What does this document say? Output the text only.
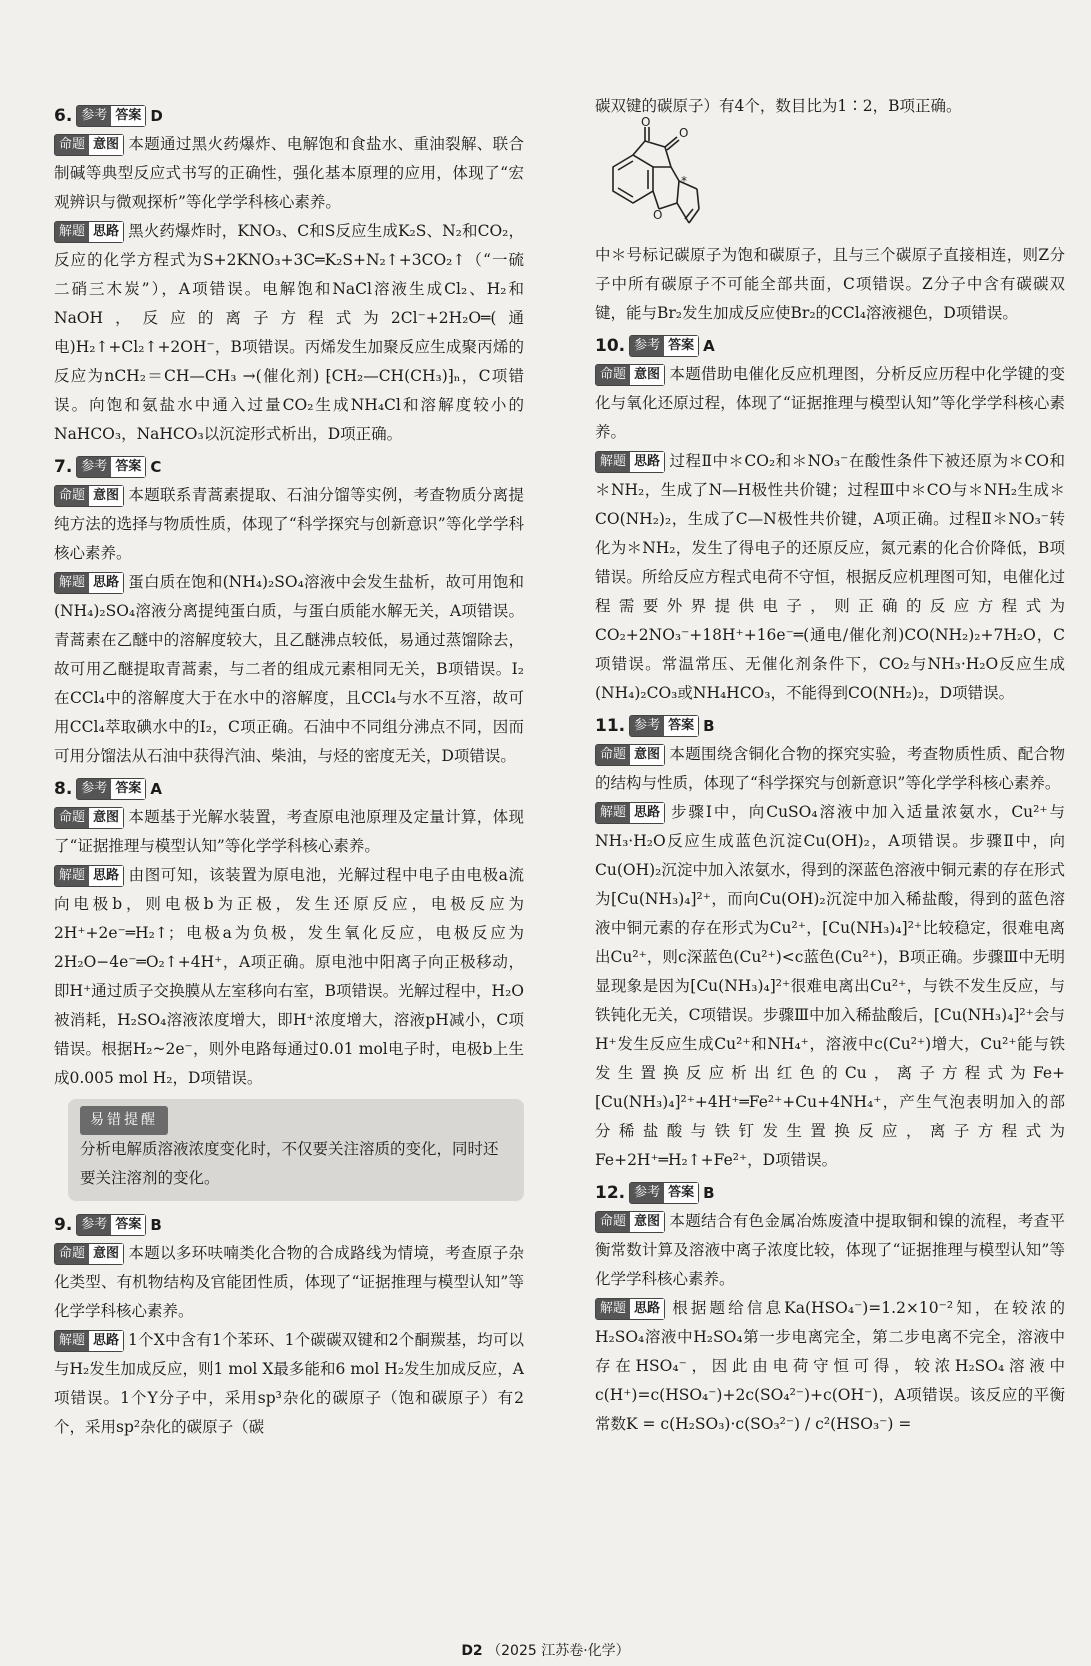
6. 参考 答案 D

命题 意图 本题通过黑火药爆炸、电解饱和食盐水、重油裂解、联合制碱等典型反应式书写的正确性，强化基本原理的应用，体现了“宏观辨识与微观探析”等化学学科核心素养。

解题 思路 黑火药爆炸时，KNO₃、C和S反应生成K₂S、N₂和CO₂，反应的化学方程式为S+2KNO₃+3C═K₂S+N₂↑+3CO₂↑（“一硫二硝三木炭”），A项错误。电解饱和NaCl溶液生成Cl₂、H₂和NaOH，反应的离子方程式为2Cl⁻+2H₂O═(通电)H₂↑+Cl₂↑+2OH⁻，B项错误。丙烯发生加聚反应生成聚丙烯的反应为nCH₂＝CH—CH₃ →(催化剂) ⁅CH₂—CH(CH₃)⁆ₙ，C项错误。向饱和氨盐水中通入过量CO₂生成NH₄Cl和溶解度较小的NaHCO₃，NaHCO₃以沉淀形式析出，D项正确。

7. 参考 答案 C

命题 意图 本题联系青蒿素提取、石油分馏等实例，考查物质分离提纯方法的选择与物质性质，体现了“科学探究与创新意识”等化学学科核心素养。

解题 思路 蛋白质在饱和(NH₄)₂SO₄溶液中会发生盐析，故可用饱和(NH₄)₂SO₄溶液分离提纯蛋白质，与蛋白质能水解无关，A项错误。青蒿素在乙醚中的溶解度较大，且乙醚沸点较低，易通过蒸馏除去，故可用乙醚提取青蒿素，与二者的组成元素相同无关，B项错误。I₂在CCl₄中的溶解度大于在水中的溶解度，且CCl₄与水不互溶，故可用CCl₄萃取碘水中的I₂，C项正确。石油中不同组分沸点不同，因而可用分馏法从石油中获得汽油、柴油，与烃的密度无关，D项错误。

8. 参考 答案 A

命题 意图 本题基于光解水装置，考查原电池原理及定量计算，体现了“证据推理与模型认知”等化学学科核心素养。

解题 思路 由图可知，该装置为原电池，光解过程中电子由电极a流向电极b，则电极b为正极，发生还原反应，电极反应为2H⁺+2e⁻═H₂↑；电极a为负极，发生氧化反应，电极反应为2H₂O−4e⁻═O₂↑+4H⁺，A项正确。原电池中阳离子向正极移动，即H⁺通过质子交换膜从左室移向右室，B项错误。光解过程中，H₂O被消耗，H₂SO₄溶液浓度增大，即H⁺浓度增大，溶液pH减小，C项错误。根据H₂~2e⁻，则外电路每通过0.01 mol电子时，电极b上生成0.005 mol H₂，D项错误。

易错提醒
分析电解质溶液浓度变化时，不仅要关注溶质的变化，同时还要关注溶剂的变化。
9. 参考 答案 B

命题 意图 本题以多环呋喃类化合物的合成路线为情境，考查原子杂化类型、有机物结构及官能团性质，体现了“证据推理与模型认知”等化学学科核心素养。

解题 思路 1个X中含有1个苯环、1个碳碳双键和2个酮羰基，均可以与H₂发生加成反应，则1 mol X最多能和6 mol H₂发生加成反应，A项错误。1个Y分子中，采用sp³杂化的碳原子（饱和碳原子）有2个，采用sp²杂化的碳原子（碳

碳双键的碳原子）有4个，数目比为1∶2，B项正确。

O
O
O
*

中＊号标记碳原子为饱和碳原子，且与三个碳原子直接相连，则Z分子中所有碳原子不可能全部共面，C项错误。Z分子中含有碳碳双键，能与Br₂发生加成反应使Br₂的CCl₄溶液褪色，D项错误。

10. 参考 答案 A

命题 意图 本题借助电催化反应机理图，分析反应历程中化学键的变化与氧化还原过程，体现了“证据推理与模型认知”等化学学科核心素养。

解题 思路 过程Ⅱ中＊CO₂和＊NO₃⁻在酸性条件下被还原为＊CO和＊NH₂，生成了N—H极性共价键；过程Ⅲ中＊CO与＊NH₂生成＊CO(NH₂)₂，生成了C—N极性共价键，A项正确。过程Ⅱ＊NO₃⁻转化为＊NH₂，发生了得电子的还原反应，氮元素的化合价降低，B项错误。所给反应方程式电荷不守恒，根据反应机理图可知，电催化过程需要外界提供电子，则正确的反应方程式为CO₂+2NO₃⁻+18H⁺+16e⁻═(通电/催化剂)CO(NH₂)₂+7H₂O，C项错误。常温常压、无催化剂条件下，CO₂与NH₃·H₂O反应生成(NH₄)₂CO₃或NH₄HCO₃，不能得到CO(NH₂)₂，D项错误。

11. 参考 答案 B

命题 意图 本题围绕含铜化合物的探究实验，考查物质性质、配合物的结构与性质，体现了“科学探究与创新意识”等化学学科核心素养。

解题 思路 步骤Ⅰ中，向CuSO₄溶液中加入适量浓氨水，Cu²⁺与NH₃·H₂O反应生成蓝色沉淀Cu(OH)₂，A项错误。步骤Ⅱ中，向Cu(OH)₂沉淀中加入浓氨水，得到的深蓝色溶液中铜元素的存在形式为[Cu(NH₃)₄]²⁺，而向Cu(OH)₂沉淀中加入稀盐酸，得到的蓝色溶液中铜元素的存在形式为Cu²⁺，[Cu(NH₃)₄]²⁺比较稳定，很难电离出Cu²⁺，则c深蓝色(Cu²⁺)<c蓝色(Cu²⁺)，B项正确。步骤Ⅲ中无明显现象是因为[Cu(NH₃)₄]²⁺很难电离出Cu²⁺，与铁不发生反应，与铁钝化无关，C项错误。步骤Ⅲ中加入稀盐酸后，[Cu(NH₃)₄]²⁺会与H⁺发生反应生成Cu²⁺和NH₄⁺，溶液中c(Cu²⁺)增大，Cu²⁺能与铁发生置换反应析出红色的Cu，离子方程式为Fe+[Cu(NH₃)₄]²⁺+4H⁺═Fe²⁺+Cu+4NH₄⁺，产生气泡表明加入的部分稀盐酸与铁钉发生置换反应，离子方程式为Fe+2H⁺═H₂↑+Fe²⁺，D项错误。

12. 参考 答案 B

命题 意图 本题结合有色金属冶炼废渣中提取铜和镍的流程，考查平衡常数计算及溶液中离子浓度比较，体现了“证据推理与模型认知”等化学学科核心素养。

解题 思路 根据题给信息Ka(HSO₄⁻)=1.2×10⁻²知，在较浓的H₂SO₄溶液中H₂SO₄第一步电离完全，第二步电离不完全，溶液中存在HSO₄⁻，因此由电荷守恒可得，较浓H₂SO₄溶液中c(H⁺)=c(HSO₄⁻)+2c(SO₄²⁻)+c(OH⁻)，A项错误。该反应的平衡常数K = c(H₂SO₃)·c(SO₃²⁻) / c²(HSO₃⁻) =

D2 （2025 江苏卷·化学）
